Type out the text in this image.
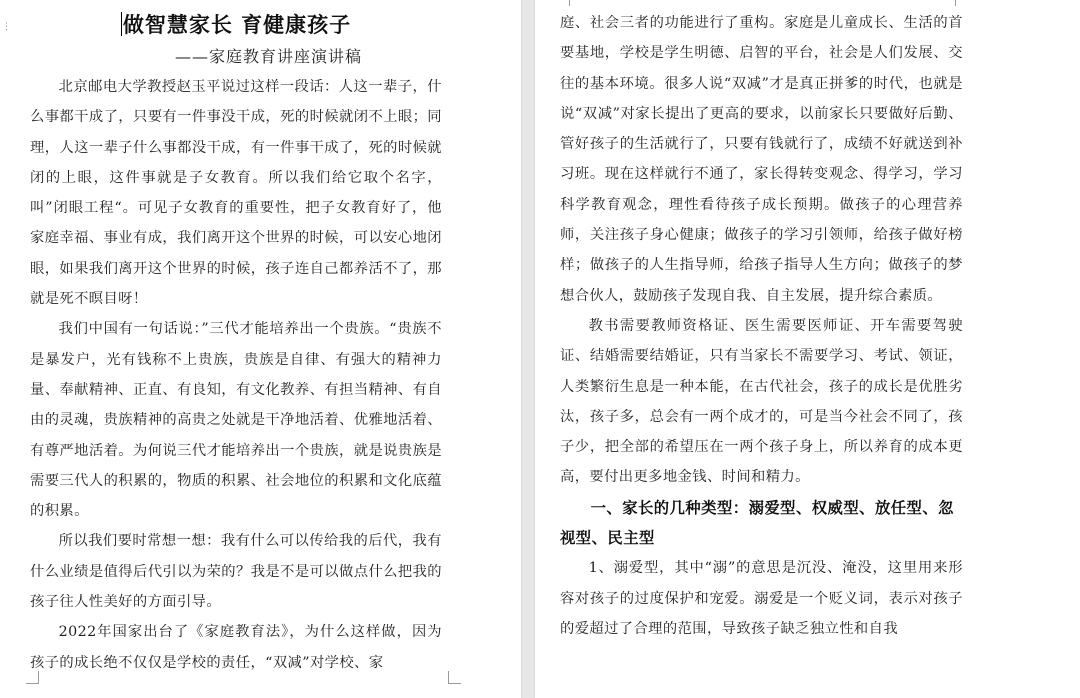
⋮	做智慧家长 育健康孩子

——家庭教育讲座演讲稿

北京邮电大学教授赵玉平说过这样一段话：人这一辈子，什么事都干成了，只要有一件事没干成，死的时候就闭不上眼；同理，人这一辈子什么事都没干成，有一件事干成了，死的时候就闭的上眼，这件事就是子女教育。所以我们给它取个名字，叫”闭眼工程“。可见子女教育的重要性，把子女教育好了，他家庭幸福、事业有成，我们离开这个世界的时候，可以安心地闭眼，如果我们离开这个世界的时候，孩子连自己都养活不了，那就是死不暝目呀！

我们中国有一句话说：”三代才能培养出一个贵族。“贵族不是暴发户，光有钱称不上贵族，贵族是自律、有强大的精神力量、奉献精神、正直、有良知，有文化教养、有担当精神、有自由的灵魂，贵族精神的高贵之处就是干净地活着、优雅地活着、有尊严地活着。为何说三代才能培养出一个贵族，就是说贵族是需要三代人的积累的，物质的积累、社会地位的积累和文化底蕴的积累。

所以我们要时常想一想：我有什么可以传给我的后代，我有什么业绩是值得后代引以为荣的？我是不是可以做点什么把我的孩子往人性美好的方面引导。

2022年国家出台了《家庭教育法》，为什么这样做，因为孩子的成长绝不仅仅是学校的责任，“双减”对学校、家

庭、社会三者的功能进行了重构。家庭是儿童成长、生活的首要基地，学校是学生明德、启智的平台，社会是人们发展、交往的基本环境。很多人说“双减”才是真正拼爹的时代，也就是说“双减”对家长提出了更高的要求，以前家长只要做好后勤、管好孩子的生活就行了，只要有钱就行了，成绩不好就送到补习班。现在这样就行不通了，家长得转变观念、得学习，学习科学教育观念，理性看待孩子成长预期。做孩子的心理营养师，关注孩子身心健康；做孩子的学习引领师，给孩子做好榜样；做孩子的人生指导师，给孩子指导人生方向；做孩子的梦想合伙人，鼓励孩子发现自我、自主发展，提升综合素质。

教书需要教师资格证、医生需要医师证、开车需要驾驶证、结婚需要结婚证，只有当家长不需要学习、考试、领证，人类繁衍生息是一种本能，在古代社会，孩子的成长是优胜劣汰，孩子多，总会有一两个成才的，可是当今社会不同了，孩子少，把全部的希望压在一两个孩子身上，所以养育的成本更高，要付出更多地金钱、时间和精力。

一、家长的几种类型：溺爱型、权威型、放任型、忽视型、民主型

1、溺爱型，其中“溺”的意思是沉没、淹没，这里用来形容对孩子的过度保护和宠爱。溺爱是一个贬义词，表示对孩子的爱超过了合理的范围，导致孩子缺乏独立性和自我
